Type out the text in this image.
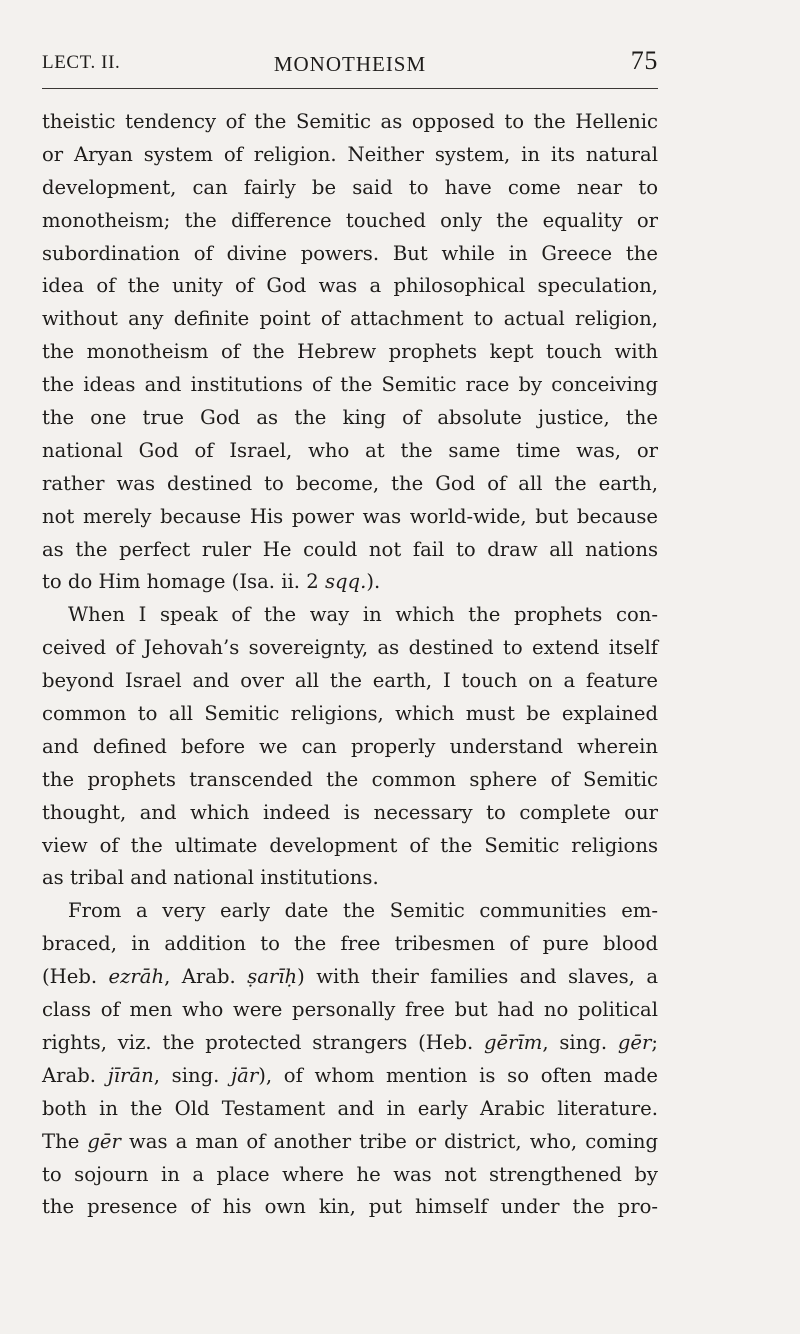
LECT. II.	MONOTHEISM	75
theistic tendency of the Semitic as opposed to the Hellenic
or Aryan system of religion. Neither system, in its natural
development, can fairly be said to have come near to
monotheism; the difference touched only the equality or
subordination of divine powers. But while in Greece the
idea of the unity of God was a philosophical speculation,
without any definite point of attachment to actual religion,
the monotheism of the Hebrew prophets kept touch with
the ideas and institutions of the Semitic race by conceiving
the one true God as the king of absolute justice, the
national God of Israel, who at the same time was, or
rather was destined to become, the God of all the earth,
not merely because His power was world-wide, but because
as the perfect ruler He could not fail to draw all nations
to do Him homage (Isa. ii. 2 sqq.).
When I speak of the way in which the prophets con-
ceived of Jehovah’s sovereignty, as destined to extend itself
beyond Israel and over all the earth, I touch on a feature
common to all Semitic religions, which must be explained
and defined before we can properly understand wherein
the prophets transcended the common sphere of Semitic
thought, and which indeed is necessary to complete our
view of the ultimate development of the Semitic religions
as tribal and national institutions.
From a very early date the Semitic communities em-
braced, in addition to the free tribesmen of pure blood
(Heb. ezrāh, Arab. ṣarīḥ) with their families and slaves, a
class of men who were personally free but had no political
rights, viz. the protected strangers (Heb. gērīm, sing. gēr;
Arab. jīrān, sing. jār), of whom mention is so often made
both in the Old Testament and in early Arabic literature.
The gēr was a man of another tribe or district, who, coming
to sojourn in a place where he was not strengthened by
the presence of his own kin, put himself under the pro-
